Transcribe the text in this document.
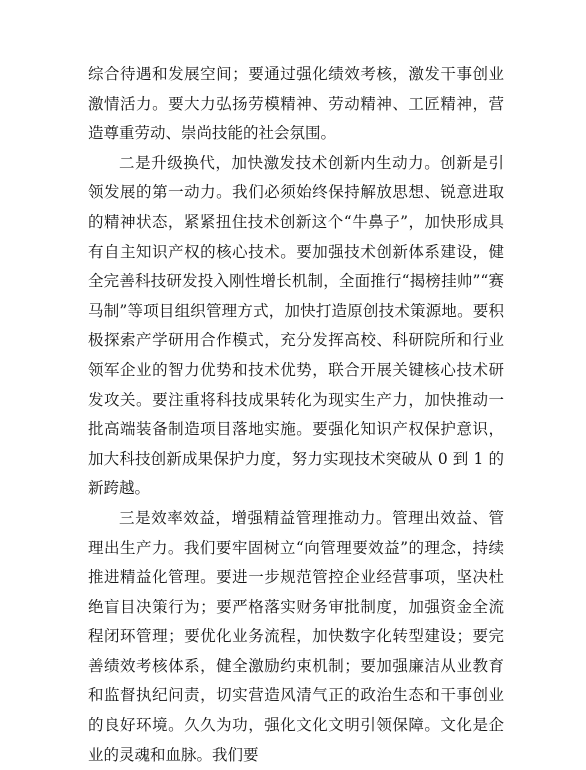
综合待遇和发展空间；要通过强化绩效考核，激发干事创业激情活力。要大力弘扬劳模精神、劳动精神、工匠精神，营造尊重劳动、崇尚技能的社会氛围。

二是升级换代，加快激发技术创新内生动力。创新是引领发展的第一动力。我们必须始终保持解放思想、锐意进取的精神状态，紧紧扭住技术创新这个“牛鼻子”，加快形成具有自主知识产权的核心技术。要加强技术创新体系建设，健全完善科技研发投入刚性增长机制，全面推行“揭榜挂帅”“赛马制”等项目组织管理方式，加快打造原创技术策源地。要积极探索产学研用合作模式，充分发挥高校、科研院所和行业领军企业的智力优势和技术优势，联合开展关键核心技术研发攻关。要注重将科技成果转化为现实生产力，加快推动一批高端装备制造项目落地实施。要强化知识产权保护意识，加大科技创新成果保护力度，努力实现技术突破从 0 到 1 的新跨越。

三是效率效益，增强精益管理推动力。管理出效益、管理出生产力。我们要牢固树立“向管理要效益”的理念，持续推进精益化管理。要进一步规范管控企业经营事项，坚决杜绝盲目决策行为；要严格落实财务审批制度，加强资金全流程闭环管理；要优化业务流程，加快数字化转型建设；要完善绩效考核体系，健全激励约束机制；要加强廉洁从业教育和监督执纪问责，切实营造风清气正的政治生态和干事创业的良好环境。久久为功，强化文化文明引领保障。文化是企业的灵魂和血脉。我们要
